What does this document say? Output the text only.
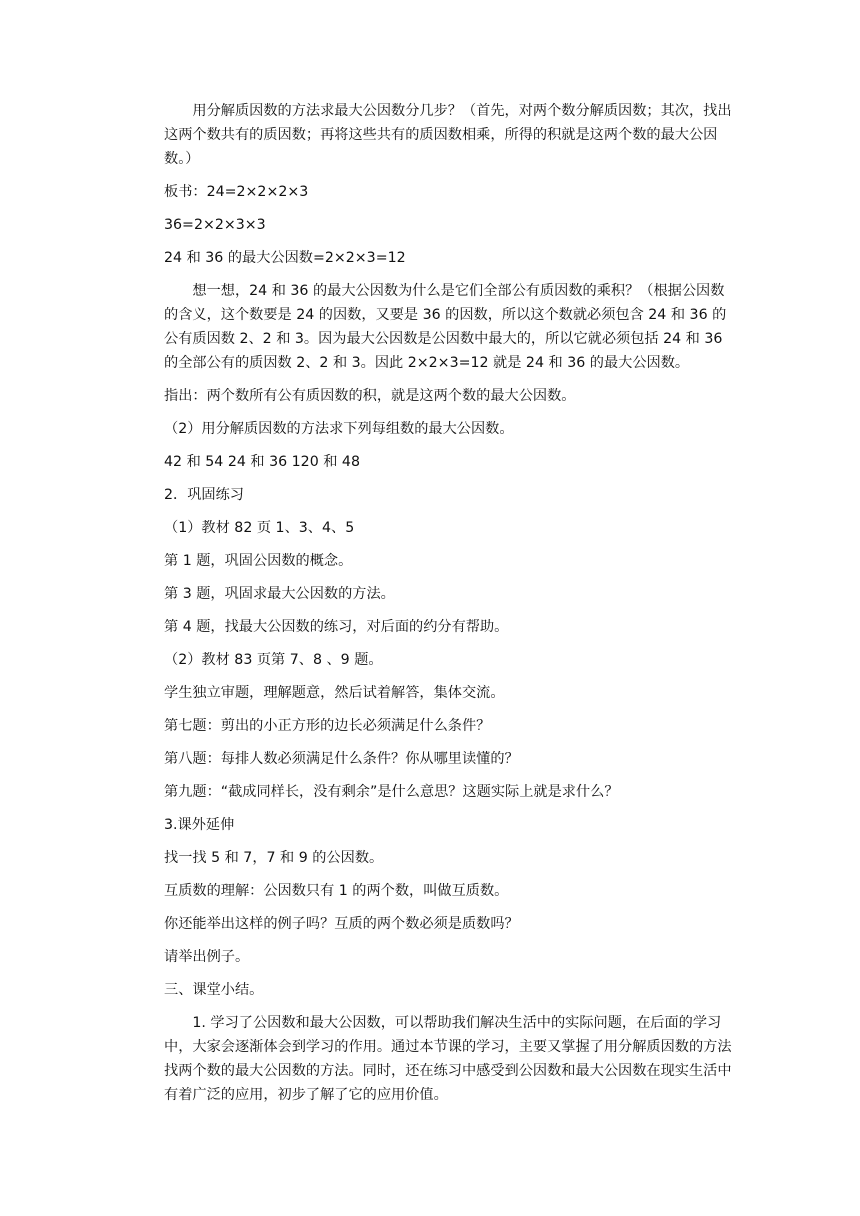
用分解质因数的方法求最大公因数分几步？（首先，对两个数分解质因数；其次，找出这两个数共有的质因数；再将这些共有的质因数相乘，所得的积就是这两个数的最大公因数。）

板书：24=2×2×2×3

36=2×2×3×3

24 和 36 的最大公因数=2×2×3=12

想一想，24 和 36 的最大公因数为什么是它们全部公有质因数的乘积？（根据公因数的含义，这个数要是 24 的因数，又要是 36 的因数，所以这个数就必须包含 24 和 36 的公有质因数 2、2 和 3。因为最大公因数是公因数中最大的，所以它就必须包括 24 和 36 的全部公有的质因数 2、2 和 3。因此 2×2×3=12 就是 24 和 36 的最大公因数。

指出：两个数所有公有质因数的积，就是这两个数的最大公因数。

（2）用分解质因数的方法求下列每组数的最大公因数。

42 和 54 24 和 36 120 和 48

2．巩固练习

（1）教材 82 页 1、3、4、5

第 1 题，巩固公因数的概念。

第 3 题，巩固求最大公因数的方法。

第 4 题，找最大公因数的练习，对后面的约分有帮助。

（2）教材 83 页第 7、8 、9 题。

学生独立审题，理解题意，然后试着解答，集体交流。

第七题：剪出的小正方形的边长必须满足什么条件？

第八题：每排人数必须满足什么条件？你从哪里读懂的？

第九题：“截成同样长，没有剩余”是什么意思？这题实际上就是求什么？

3.课外延伸

找一找 5 和 7，7 和 9 的公因数。

互质数的理解：公因数只有 1 的两个数，叫做互质数。

你还能举出这样的例子吗？互质的两个数必须是质数吗？

请举出例子。

三、课堂小结。

1. 学习了公因数和最大公因数，可以帮助我们解决生活中的实际问题，在后面的学习中，大家会逐渐体会到学习的作用。通过本节课的学习，主要又掌握了用分解质因数的方法找两个数的最大公因数的方法。同时，还在练习中感受到公因数和最大公因数在现实生活中有着广泛的应用，初步了解了它的应用价值。
